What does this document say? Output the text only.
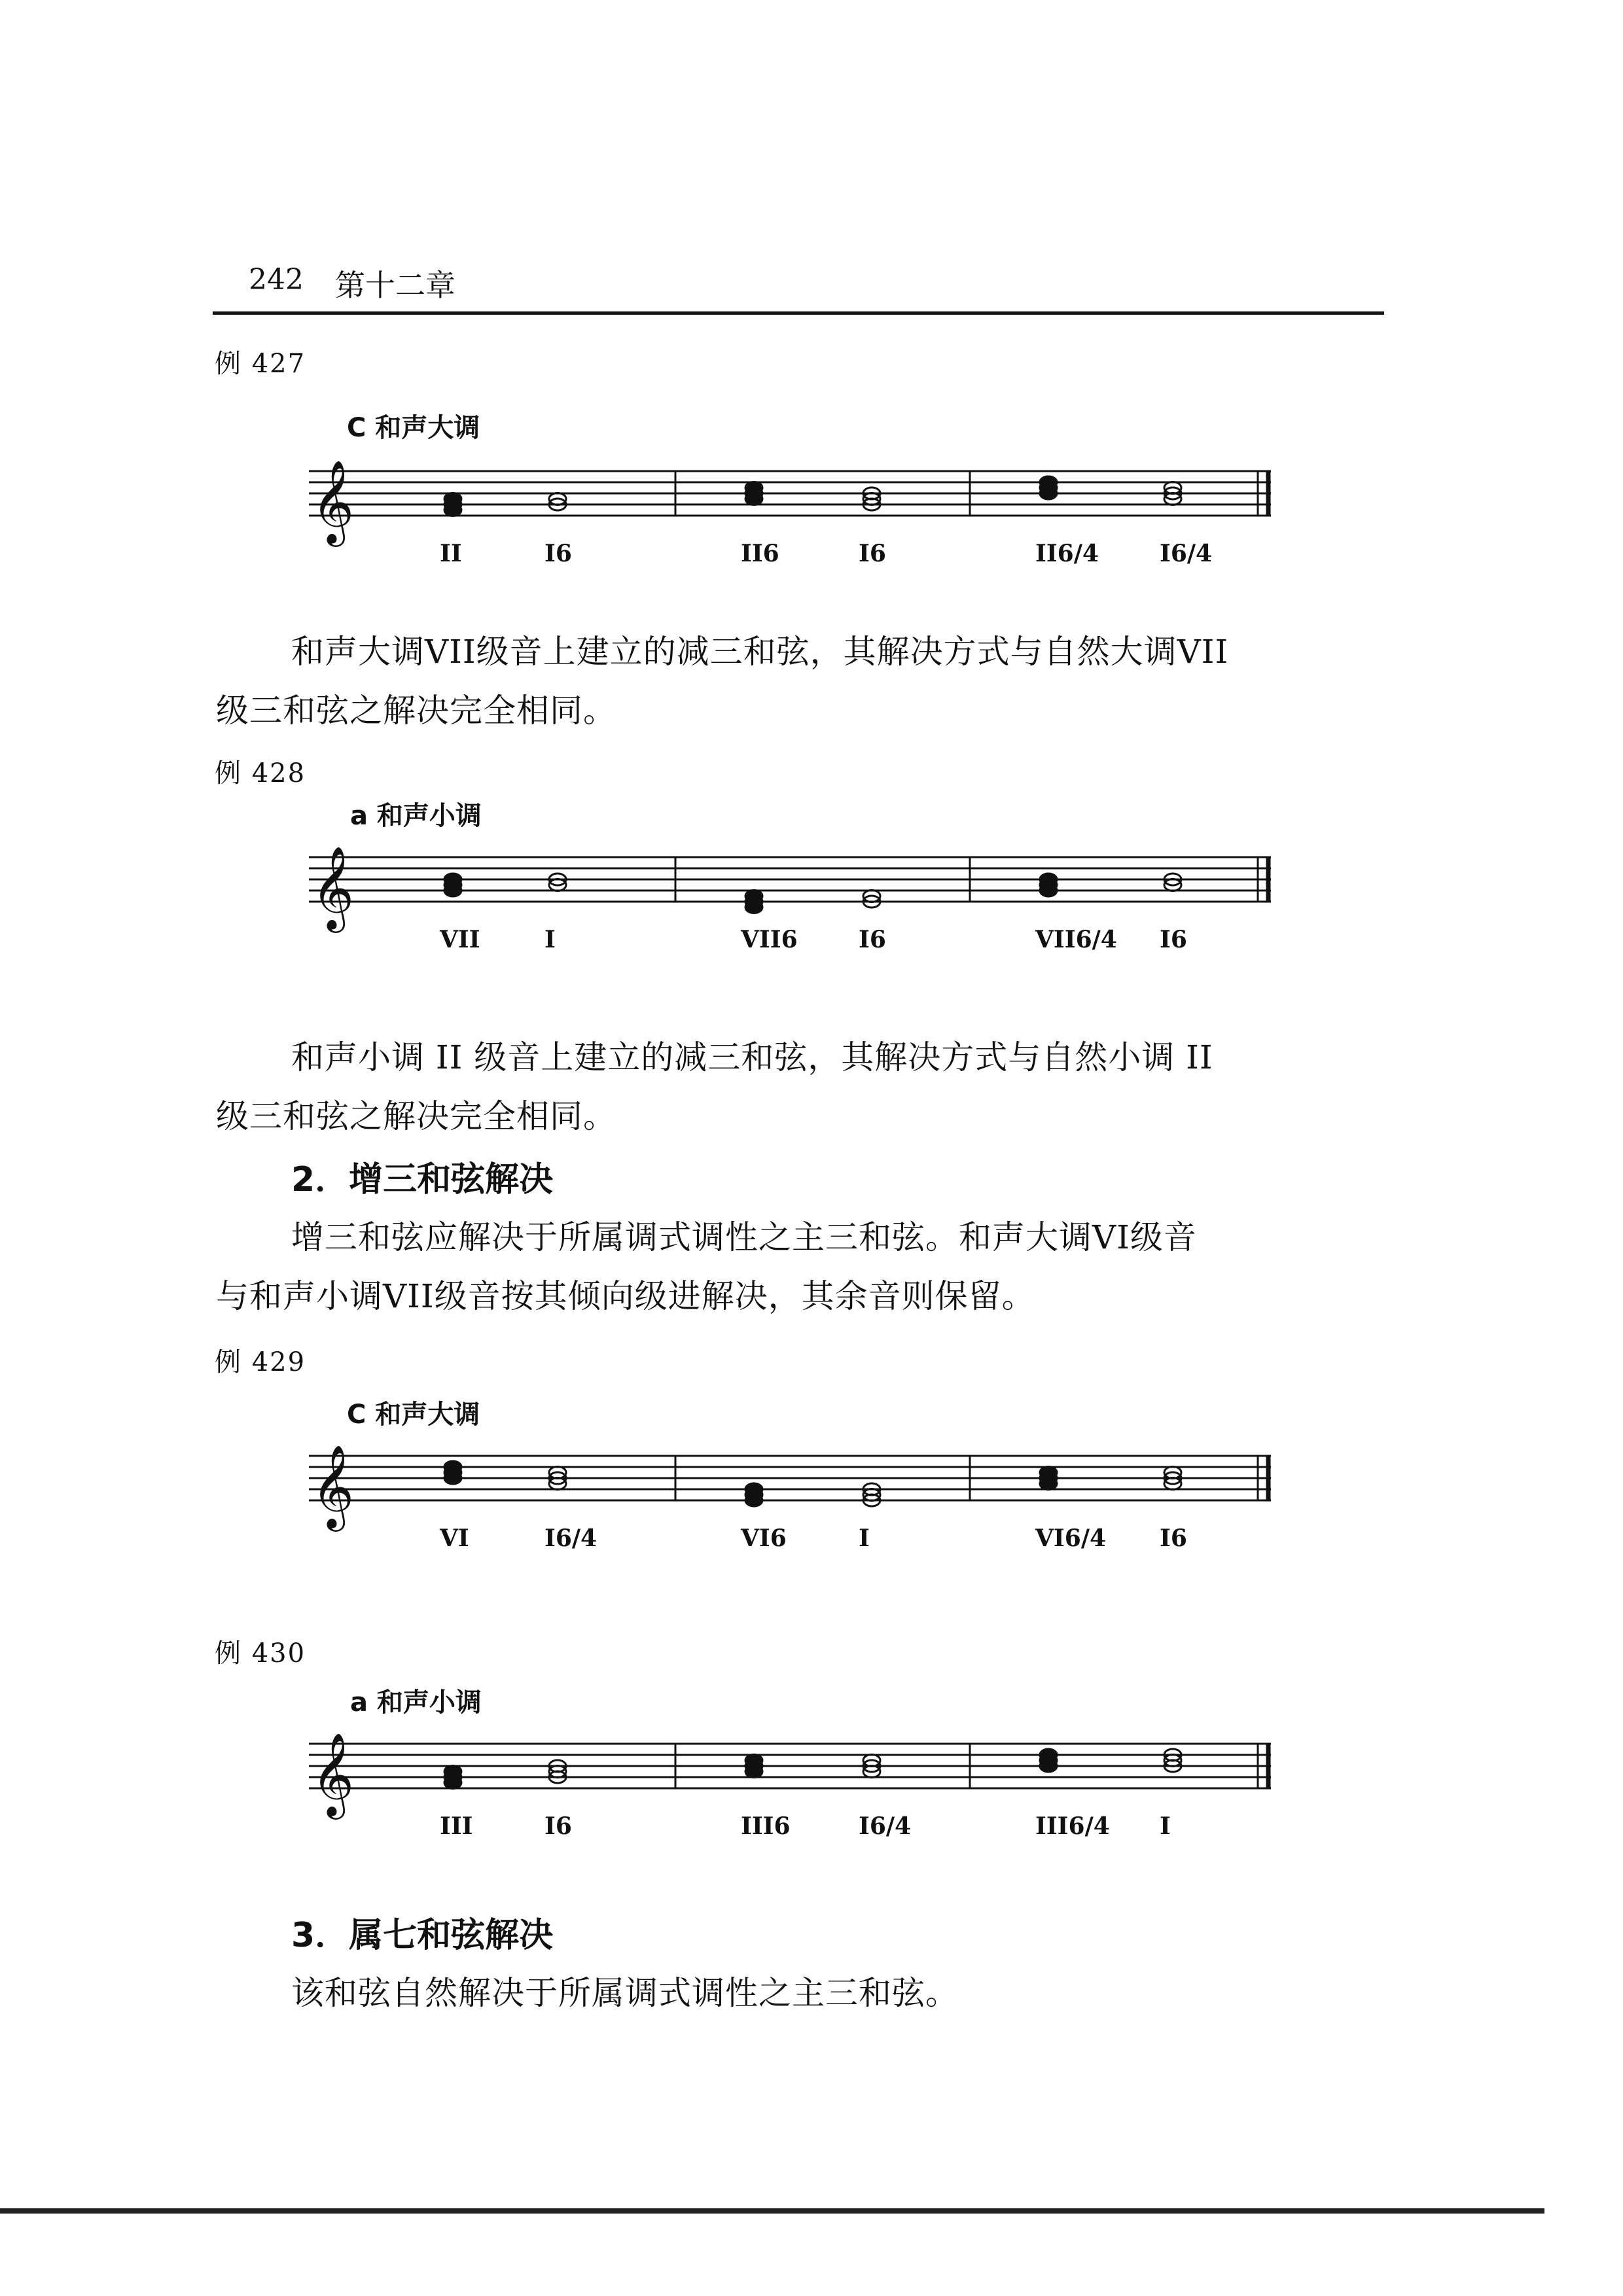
242 第十二章
例 427
C 和声大调
𝄞
II	I6	II6	I6	II6/4	I6/4
和声大调VII级音上建立的减三和弦，其解决方式与自然大调VII
级三和弦之解决完全相同。
例 428
a 和声小调
𝄞
VII	I	VII6	I6	VII6/4 I6
和声小调 II 级音上建立的减三和弦，其解决方式与自然小调 II
级三和弦之解决完全相同。
2．增三和弦解决
增三和弦应解决于所属调式调性之主三和弦。和声大调VI级音
与和声小调VII级音按其倾向级进解决，其余音则保留。
例 429
C 和声大调
𝄞
VI	I6/4	VI6	I	VI6/4 I6
例 430
a 和声小调
𝄞
III	I6	III6	I6/4	III6/4 I
3．属七和弦解决
该和弦自然解决于所属调式调性之主三和弦。
